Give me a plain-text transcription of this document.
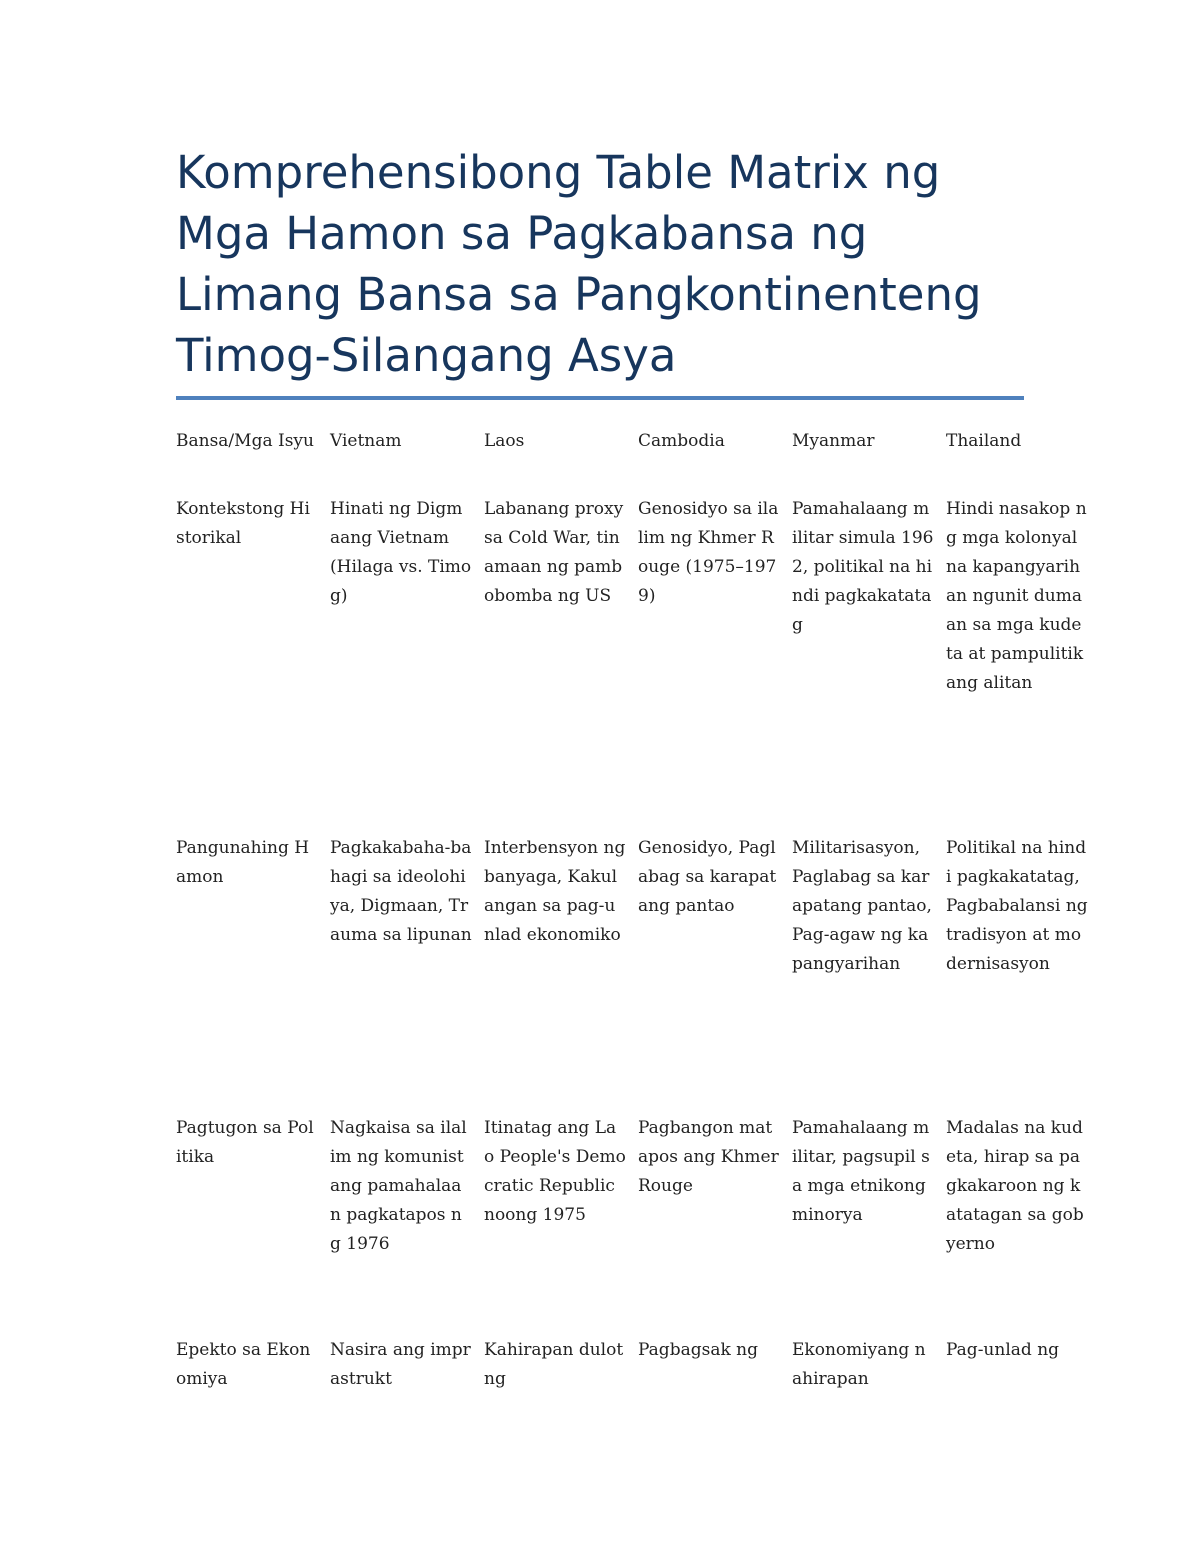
Komprehensibong Table Matrix ng Mga Hamon sa Pagkabansa ng Limang Bansa sa Pangkontinenteng Timog-Silangang Asya
Bansa/Mga Isyu	Vietnam	Laos	Cambodia	Myanmar	Thailand
Kontekstong Historikal	Hinati ng Digmaang Vietnam (Hilaga vs. Timog)	Labanang proxy sa Cold War, tinamaan ng pambobomba ng US	Genosidyo sa ilalim ng Khmer Rouge (1975–1979)	Pamahalaang militar simula 1962, politikal na hindi pagkakatatag	Hindi nasakop ng mga kolonyal na kapangyarihan ngunit dumaan sa mga kudeta at pampulitikang alitan
Pangunahing Hamon	Pagkakabaha-bahagi sa ideolohiya, Digmaan, Trauma sa lipunan	Interbensyon ng banyaga, Kakulangan sa pag-unlad ekonomiko	Genosidyo, Paglabag sa karapatang pantao	Militarisasyon, Paglabag sa karapatang pantao, Pag-agaw ng kapangyarihan	Politikal na hindi pagkakatatag, Pagbabalansi ng tradisyon at modernisasyon
Pagtugon sa Politika	Nagkaisa sa ilalim ng komunistang pamahalaan pagkatapos ng 1976	Itinatag ang Lao People's Democratic Republic noong 1975	Pagbangon matapos ang Khmer Rouge	Pamahalaang militar, pagsupil sa mga etnikong minorya	Madalas na kudeta, hirap sa pagkakaroon ng katatagan sa gobyerno
Epekto sa Ekonomiya	Nasira ang imprastrukt	Kahirapan dulot ng	Pagbagsak ng	Ekonomiyang nahirapan	Pag-unlad ng
